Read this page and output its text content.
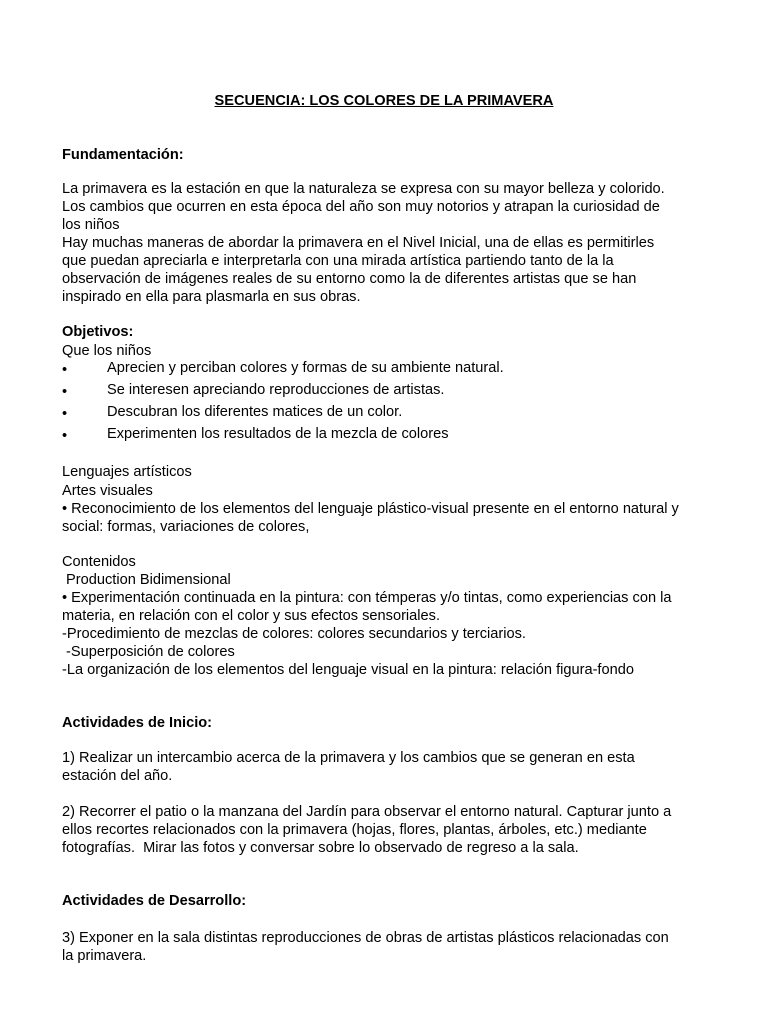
SECUENCIA: LOS COLORES DE LA PRIMAVERA
Fundamentación:
La primavera es la estación en que la naturaleza se expresa con su mayor belleza y colorido.
Los cambios que ocurren en esta época del año son muy notorios y atrapan la curiosidad de
los niños
Hay muchas maneras de abordar la primavera en el Nivel Inicial, una de ellas es permitirles
que puedan apreciarla e interpretarla con una mirada artística partiendo tanto de la la
observación de imágenes reales de su entorno como la de diferentes artistas que se han
inspirado en ella para plasmarla en sus obras.
Objetivos:
Que los niños
•	Aprecien y perciban colores y formas de su ambiente natural.
•	Se interesen apreciando reproducciones de artistas.
•	Descubran los diferentes matices de un color.
•	Experimenten los resultados de la mezcla de colores
Lenguajes artísticos
Artes visuales
• Reconocimiento de los elementos del lenguaje plástico-visual presente en el entorno natural y
social: formas, variaciones de colores,
Contenidos
Production Bidimensional
• Experimentación continuada en la pintura: con témperas y/o tintas, como experiencias con la
materia, en relación con el color y sus efectos sensoriales.
-Procedimiento de mezclas de colores: colores secundarios y terciarios.
-Superposición de colores
-La organización de los elementos del lenguaje visual en la pintura: relación figura-fondo
Actividades de Inicio:
1) Realizar un intercambio acerca de la primavera y los cambios que se generan en esta
estación del año.
2) Recorrer el patio o la manzana del Jardín para observar el entorno natural. Capturar junto a
ellos recortes relacionados con la primavera (hojas, flores, plantas, árboles, etc.) mediante
fotografías.  Mirar las fotos y conversar sobre lo observado de regreso a la sala.
Actividades de Desarrollo:
3) Exponer en la sala distintas reproducciones de obras de artistas plásticos relacionadas con
la primavera.
